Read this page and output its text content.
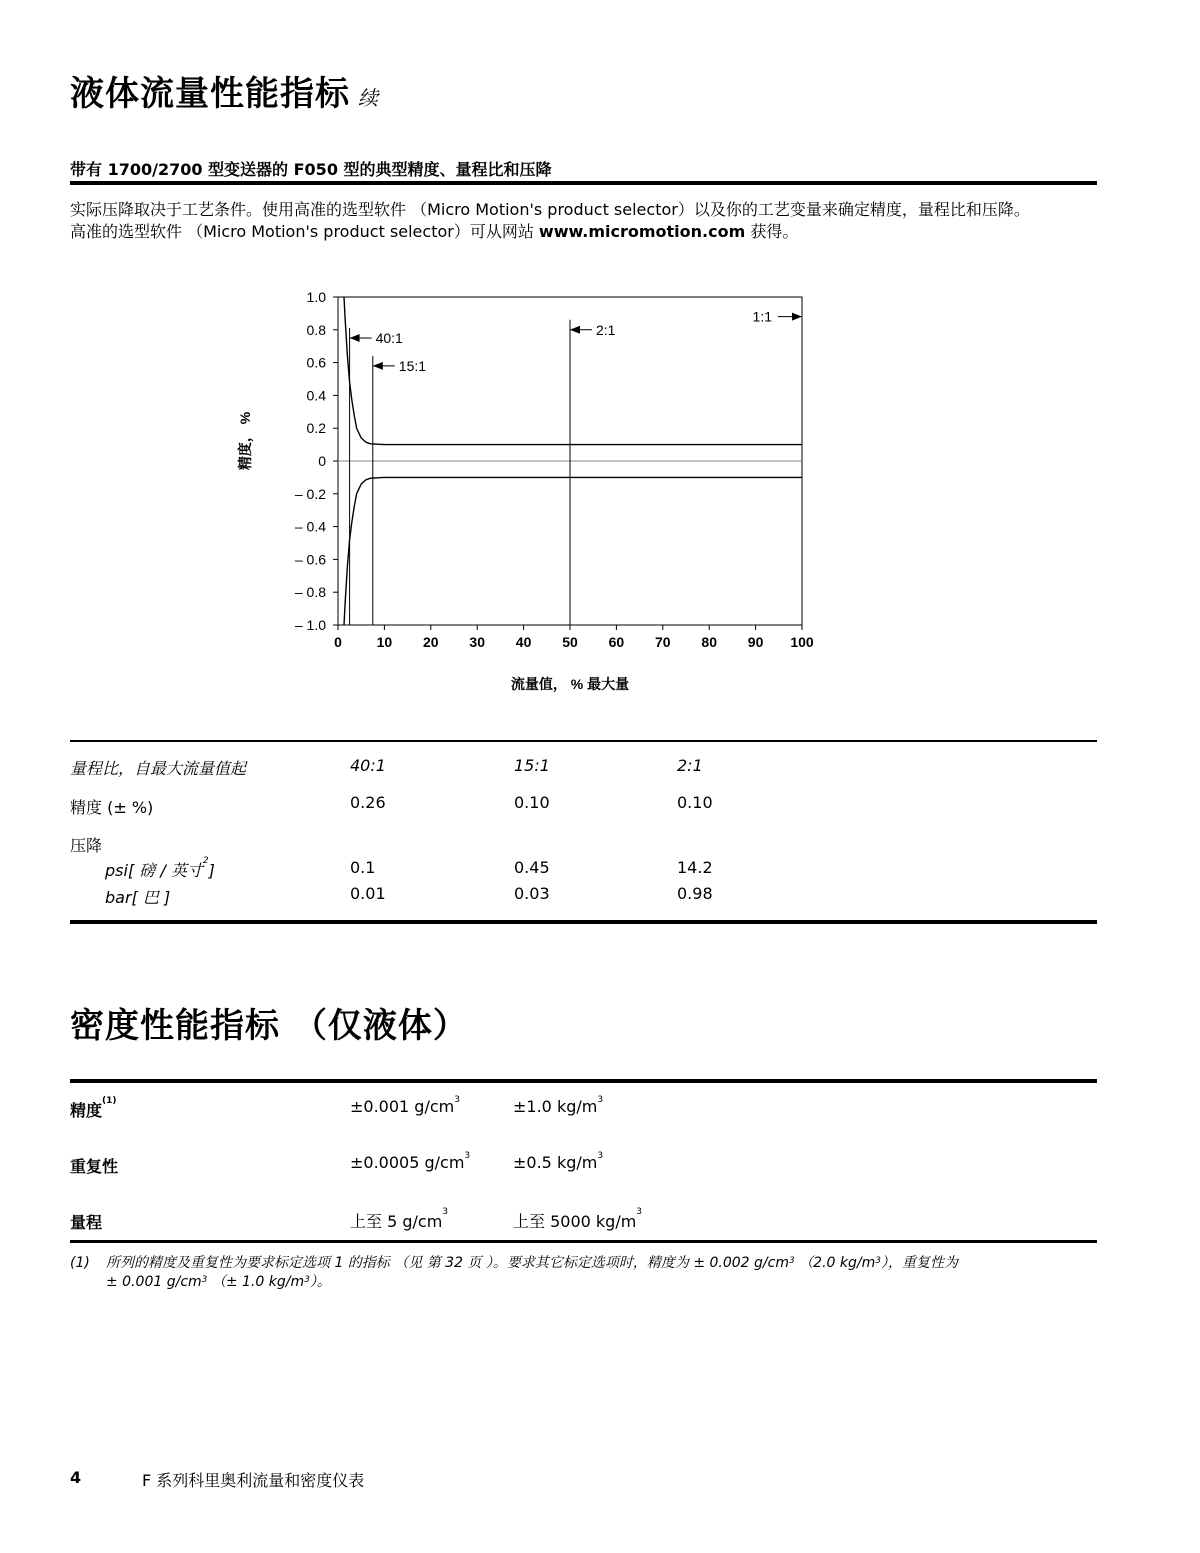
液体流量性能指标 续
带有 1700/2700 型变送器的 F050 型的典型精度、量程比和压降
实际压降取决于工艺条件。使用高准的选型软件 （Micro Motion's product selector）以及你的工艺变量来确定精度，量程比和压降。
高准的选型软件 （Micro Motion's product selector）可从网站 www.micromotion.com 获得。
1.0
0.8
0.6
0.4
0.2
0
– 0.2
– 0.4
– 0.6
– 0.8
– 1.0
0 10 20 30 40 50 60 70 80 90 100
流量值， % 最大量
精度， %
40:1
15:1
2:1
1:1
量程比，自最大流量值起	40:1	15:1	2:1
精度 (± %)	0.26	0.10	0.10
压降
psi[ 磅 / 英寸$^2$]	0.1	0.45	14.2
bar[ 巴 ]	0.01	0.03	0.98
密度性能指标 （仅液体）
精度$^{(1)}$	±0.001 $g/cm^3$	±1.0 $kg/m^3$
重复性	±0.0005 $g/cm^3$	±0.5 $kg/m^3$
量程	上至 5 $g/cm^3$	上至 5000 $kg/m^3$
(1) 所列的精度及重复性为要求标定选项 1 的指标 （见 第 32 页 ）。要求其它标定选项时，精度为 ± 0.002 $g/cm^3$ （2.0 $kg/m^3$），重复性为
± 0.001 $g/cm^3$ （± 1.0 $kg/m^3$）。
4	F 系列科里奥利流量和密度仪表
